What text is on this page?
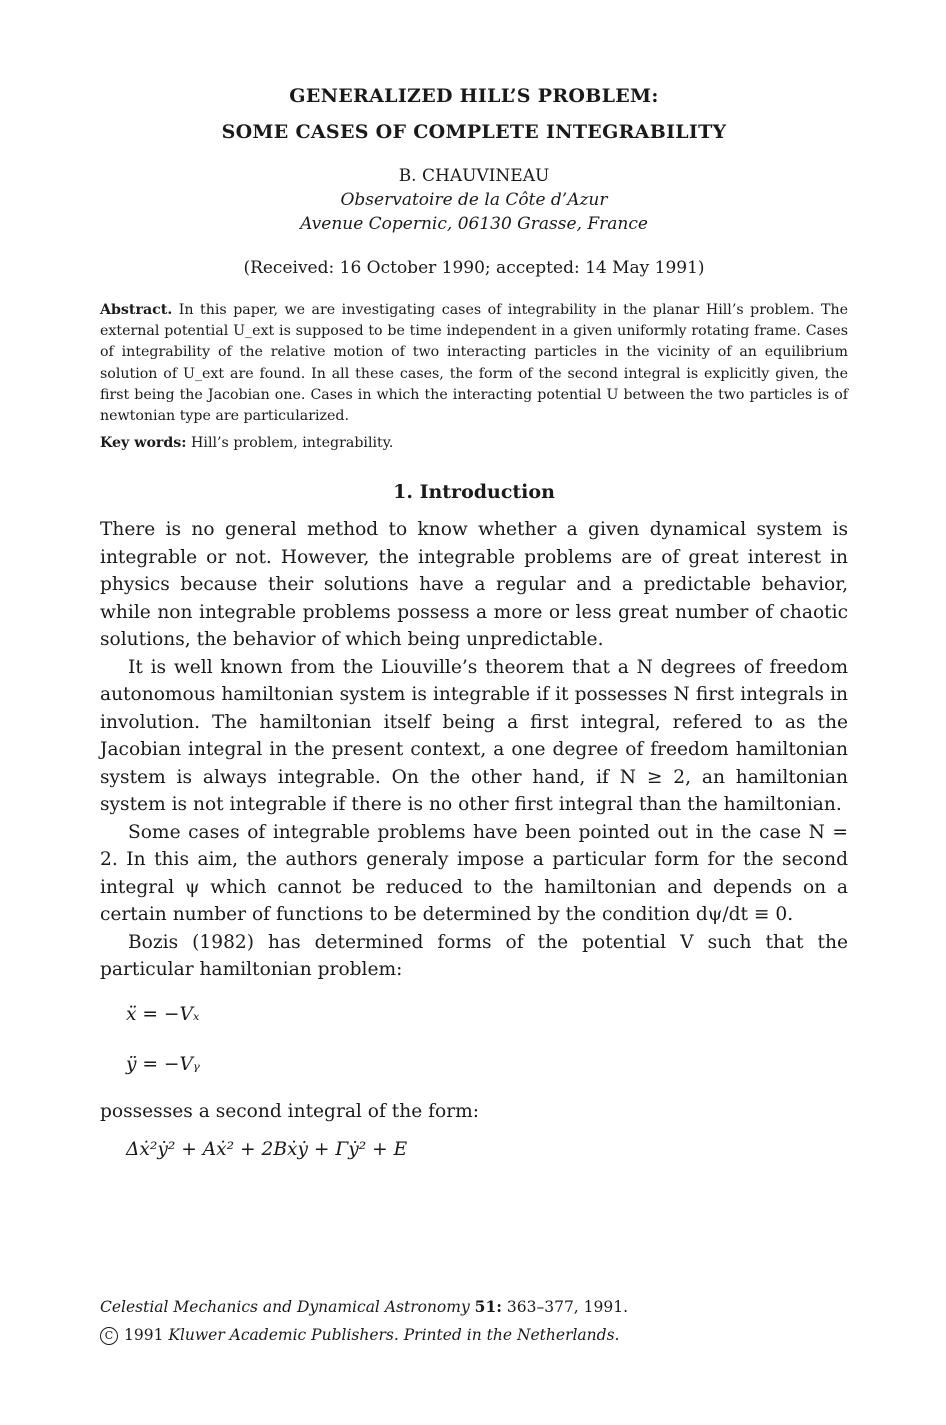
GENERALIZED HILL’S PROBLEM:
SOME CASES OF COMPLETE INTEGRABILITY
B. CHAUVINEAU
Observatoire de la Côte d’Azur
Avenue Copernic, 06130 Grasse, France
(Received: 16 October 1990; accepted: 14 May 1991)
Abstract. In this paper, we are investigating cases of integrability in the planar Hill’s problem. The external potential U_ext is supposed to be time independent in a given uniformly rotating frame. Cases of integrability of the relative motion of two interacting particles in the vicinity of an equilibrium solution of U_ext are found. In all these cases, the form of the second integral is explicitly given, the first being the Jacobian one. Cases in which the interacting potential U between the two particles is of newtonian type are particularized.
Key words: Hill’s problem, integrability.
1. Introduction

There is no general method to know whether a given dynamical system is integrable or not. However, the integrable problems are of great interest in physics because their solutions have a regular and a predictable behavior, while non integrable problems possess a more or less great number of chaotic solutions, the behavior of which being unpredictable.

It is well known from the Liouville’s theorem that a N degrees of freedom autonomous hamiltonian system is integrable if it possesses N first integrals in involution. The hamiltonian itself being a first integral, refered to as the Jacobian integral in the present context, a one degree of freedom hamiltonian system is always integrable. On the other hand, if N ≥ 2, an hamiltonian system is not integrable if there is no other first integral than the hamiltonian.

Some cases of integrable problems have been pointed out in the case N = 2. In this aim, the authors generaly impose a particular form for the second integral ψ which cannot be reduced to the hamiltonian and depends on a certain number of functions to be determined by the condition dψ/dt ≡ 0.

Bozis (1982) has determined forms of the potential V such that the particular hamiltonian problem:

ẍ = −Vₓ
ÿ = −Vᵧ

possesses a second integral of the form:

Δẋ²ẏ² + Aẋ² + 2Bẋẏ + Γẏ² + E
Celestial Mechanics and Dynamical Astronomy 51: 363–377, 1991.
C 1991 Kluwer Academic Publishers. Printed in the Netherlands.
